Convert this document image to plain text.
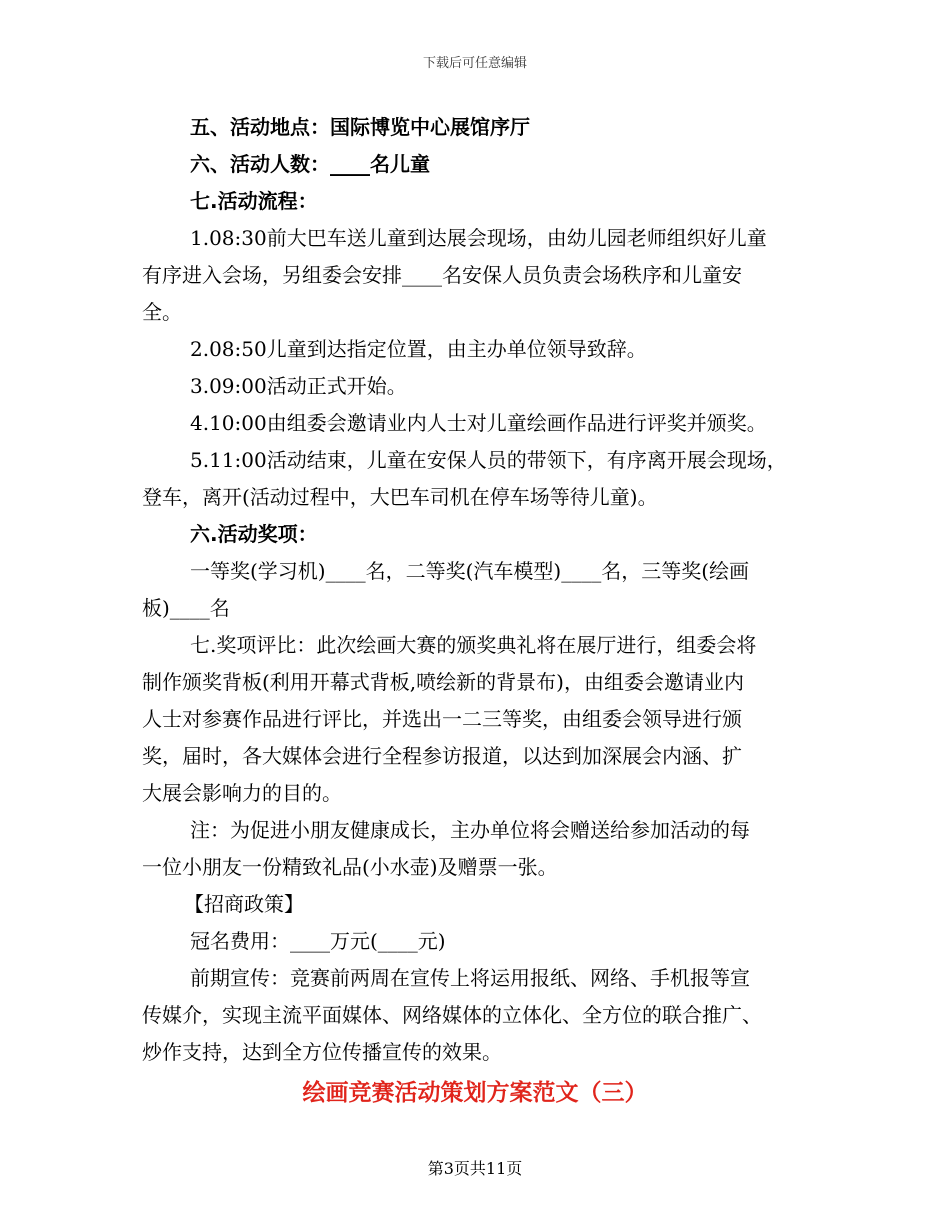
下载后可任意编辑
五、活动地点：国际博览中心展馆序厅
六、活动人数：____名儿童
七.活动流程：
1.08:30前大巴车送儿童到达展会现场，由幼儿园老师组织好儿童
有序进入会场，另组委会安排____名安保人员负责会场秩序和儿童安
全。
2.08:50儿童到达指定位置，由主办单位领导致辞。
3.09:00活动正式开始。
4.10:00由组委会邀请业内人士对儿童绘画作品进行评奖并颁奖。
5.11:00活动结束，儿童在安保人员的带领下，有序离开展会现场，
登车，离开(活动过程中，大巴车司机在停车场等待儿童)。
六.活动奖项：
一等奖(学习机)____名，二等奖(汽车模型)____名，三等奖(绘画
板)____名
七.奖项评比：此次绘画大赛的颁奖典礼将在展厅进行，组委会将
制作颁奖背板(利用开幕式背板,喷绘新的背景布)，由组委会邀请业内
人士对参赛作品进行评比，并选出一二三等奖，由组委会领导进行颁
奖，届时，各大媒体会进行全程参访报道，以达到加深展会内涵、扩
大展会影响力的目的。
注：为促进小朋友健康成长，主办单位将会赠送给参加活动的每
一位小朋友一份精致礼品(小水壶)及赠票一张。
【招商政策】
冠名费用：____万元(____元)
前期宣传：竞赛前两周在宣传上将运用报纸、网络、手机报等宣
传媒介，实现主流平面媒体、网络媒体的立体化、全方位的联合推广、
炒作支持，达到全方位传播宣传的效果。
绘画竞赛活动策划方案范文（三）
第3页共11页
